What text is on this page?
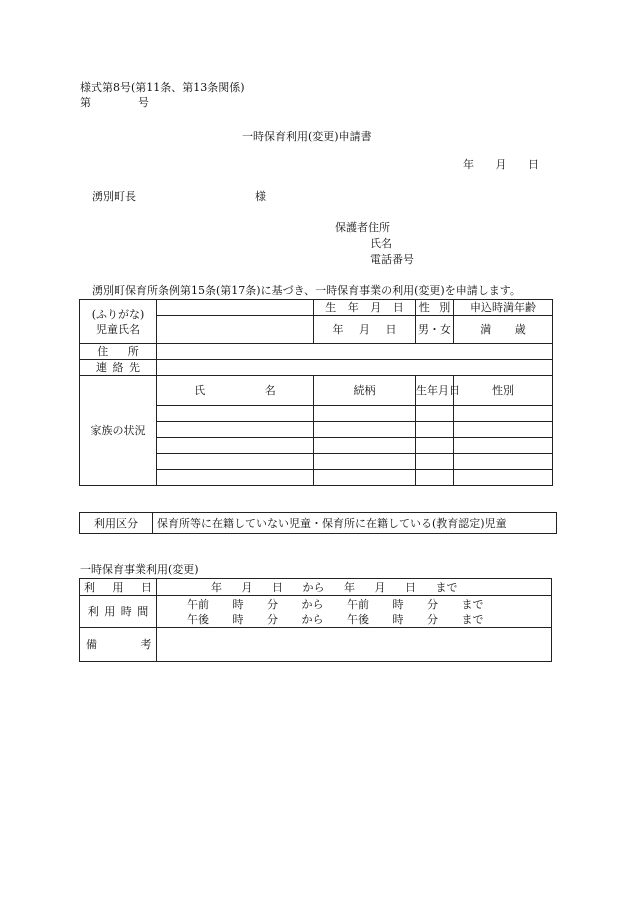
様式第8号(第11条、第13条関係)
第	号
一時保育利用(変更)申請書
年 月 日
湧別町長	様
保護者住所
氏名
電話番号
湧別町保育所条例第15条(第17条)に基づき、一時保育事業の利用(変更)を申請します。
(ふりがな)
児童氏名		生 年 月 日	性 別	申込時満年齢	
		年 月 日	男・女	満 歳	
住 所					
連 絡 先					
家族の状況	氏 名	続柄	生年月日	性別	

利用区分	保育所等に在籍していない児童・保育所に在籍している(教育認定)児童
一時保育事業利用(変更)
利 用 日	年 月 日 から 年 月 日 まで
利 用 時 間	午前 時 分 から 午前 時 分 まで
午後 時 分 から 午後 時 分 まで

備 考	
